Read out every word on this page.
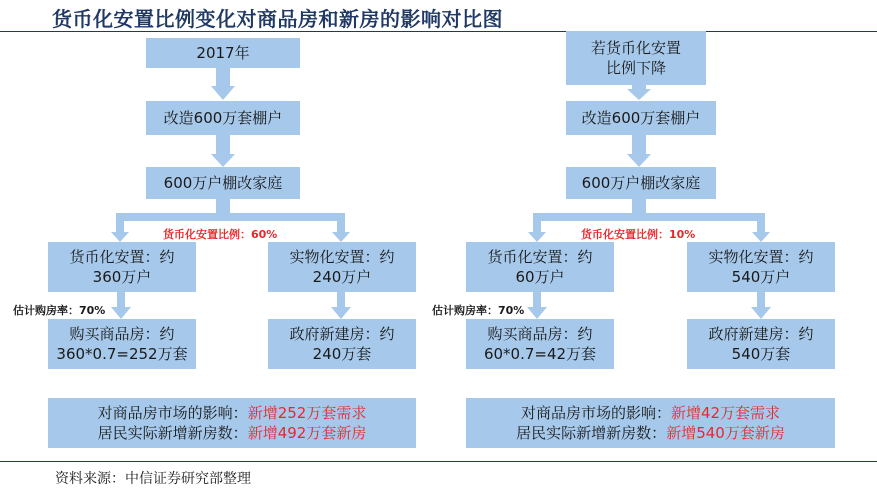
货币化安置比例变化对商品房和新房的影响对比图
2017年
改造600万套棚户
600万户棚改家庭
货币化安置比例：60%
货币化安置：约
360万户
实物化安置：约
240万户
估计购房率：70%
购买商品房：约
360*0.7=252万套
政府新建房：约
240万套
对商品房市场的影响：新增252万套需求
居民实际新增新房数：新增492万套新房
若货币化安置
比例下降
改造600万套棚户
600万户棚改家庭
货币化安置比例：10%
货币化安置：约
60万户
实物化安置：约
540万户
估计购房率：70%
购买商品房：约
60*0.7=42万套
政府新建房：约
540万套
对商品房市场的影响：新增42万套需求
居民实际新增新房数：新增540万套新房
资料来源：中信证券研究部整理
